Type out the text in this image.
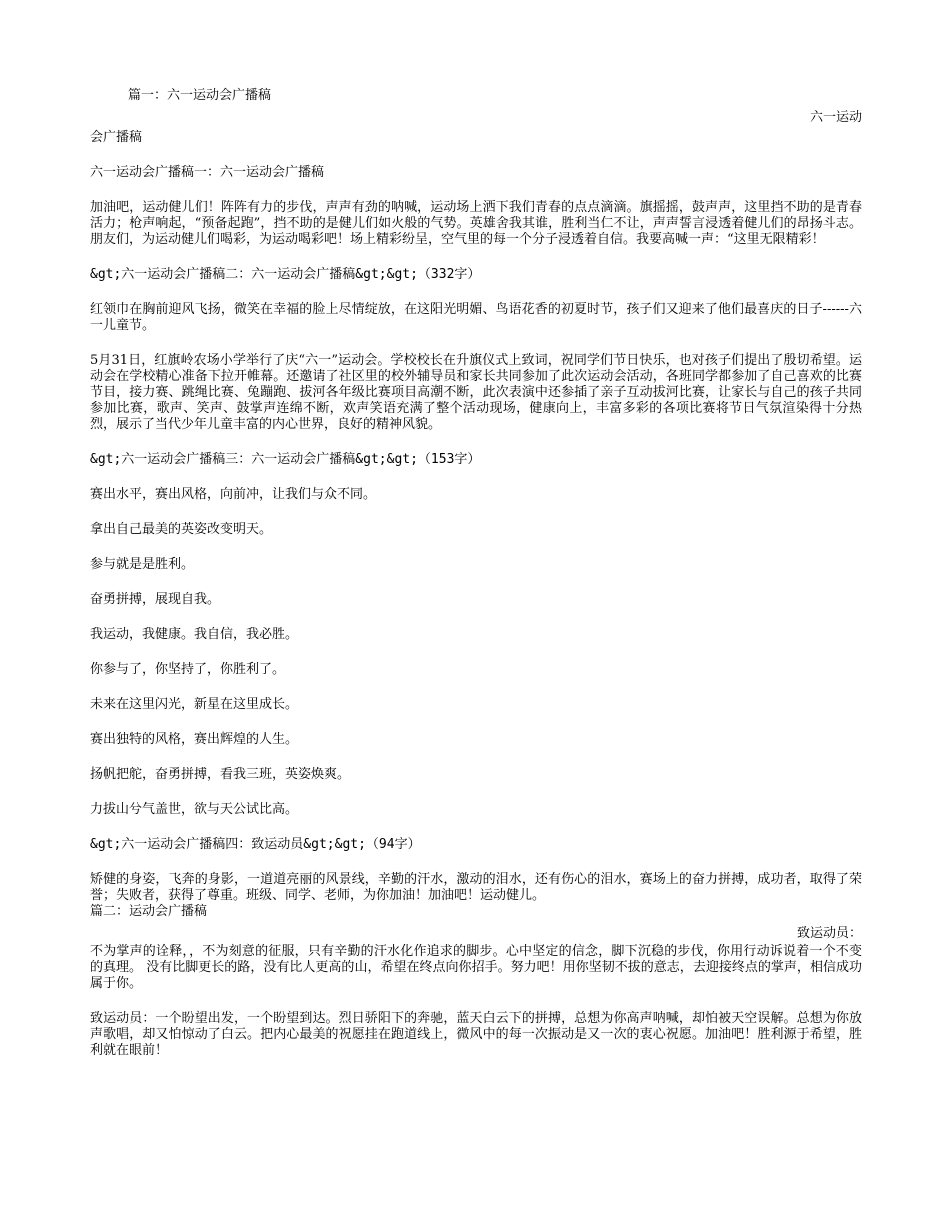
篇一：六一运动会广播稿

六一运动

会广播稿

六一运动会广播稿一：六一运动会广播稿

加油吧，运动健儿们！阵阵有力的步伐，声声有劲的呐喊，运动场上洒下我们青春的点点滴滴。旗摇摇，鼓声声，这里挡不助的是青春活力；枪声响起，“预备起跑”，挡不助的是健儿们如火般的气势。英雄舍我其谁，胜利当仁不让，声声誓言浸透着健儿们的昂扬斗志。朋友们，为运动健儿们喝彩，为运动喝彩吧！场上精彩纷呈，空气里的每一个分子浸透着自信。我要高喊一声：“这里无限精彩！

&gt;六一运动会广播稿二：六一运动会广播稿&gt;&gt;（332字）

红领巾在胸前迎风飞扬，微笑在幸福的脸上尽情绽放，在这阳光明媚、鸟语花香的初夏时节，孩子们又迎来了他们最喜庆的日子------六一儿童节。

5月31日，红旗岭农场小学举行了庆“六一”运动会。学校校长在升旗仪式上致词，祝同学们节日快乐，也对孩子们提出了殷切希望。运动会在学校精心准备下拉开帷幕。还邀请了社区里的校外辅导员和家长共同参加了此次运动会活动，各班同学都参加了自己喜欢的比赛节目，接力赛、跳绳比赛、兔蹦跑、拔河各年级比赛项目高潮不断，此次表演中还参插了亲子互动拔河比赛，让家长与自己的孩子共同参加比赛，歌声、笑声、鼓掌声连绵不断，欢声笑语充满了整个活动现场，健康向上，丰富多彩的各项比赛将节日气氛渲染得十分热烈，展示了当代少年儿童丰富的内心世界，良好的精神风貌。

&gt;六一运动会广播稿三：六一运动会广播稿&gt;&gt;（153字）

赛出水平，赛出风格，向前冲，让我们与众不同。

拿出自己最美的英姿改变明天。

参与就是是胜利。

奋勇拼搏，展现自我。

我运动，我健康。我自信，我必胜。

你参与了，你坚持了，你胜利了。

未来在这里闪光，新星在这里成长。

赛出独特的风格，赛出辉煌的人生。

扬帆把舵，奋勇拼搏，看我三班，英姿焕爽。

力拔山兮气盖世，欲与天公试比高。

&gt;六一运动会广播稿四：致运动员&gt;&gt;（94字）

矫健的身姿，飞奔的身影，一道道亮丽的风景线，辛勤的汗水，激动的泪水，还有伤心的泪水，赛场上的奋力拼搏，成功者，取得了荣誉；失败者，获得了尊重。班级、同学、老师，为你加油！加油吧！运动健儿。

篇二：运动会广播稿

致运动员：

不为掌声的诠释，，不为刻意的征服，只有辛勤的汗水化作追求的脚步。心中坚定的信念，脚下沉稳的步伐，你用行动诉说着一个不变的真理。 没有比脚更长的路，没有比人更高的山，希望在终点向你招手。努力吧！用你坚韧不拔的意志，去迎接终点的掌声，相信成功属于你。

致运动员：一个盼望出发，一个盼望到达。烈日骄阳下的奔驰，蓝天白云下的拼搏，总想为你高声呐喊，却怕被天空误解。总想为你放声歌唱，却又怕惊动了白云。把内心最美的祝愿挂在跑道线上，微风中的每一次振动是又一次的衷心祝愿。加油吧！胜利源于希望，胜利就在眼前！
